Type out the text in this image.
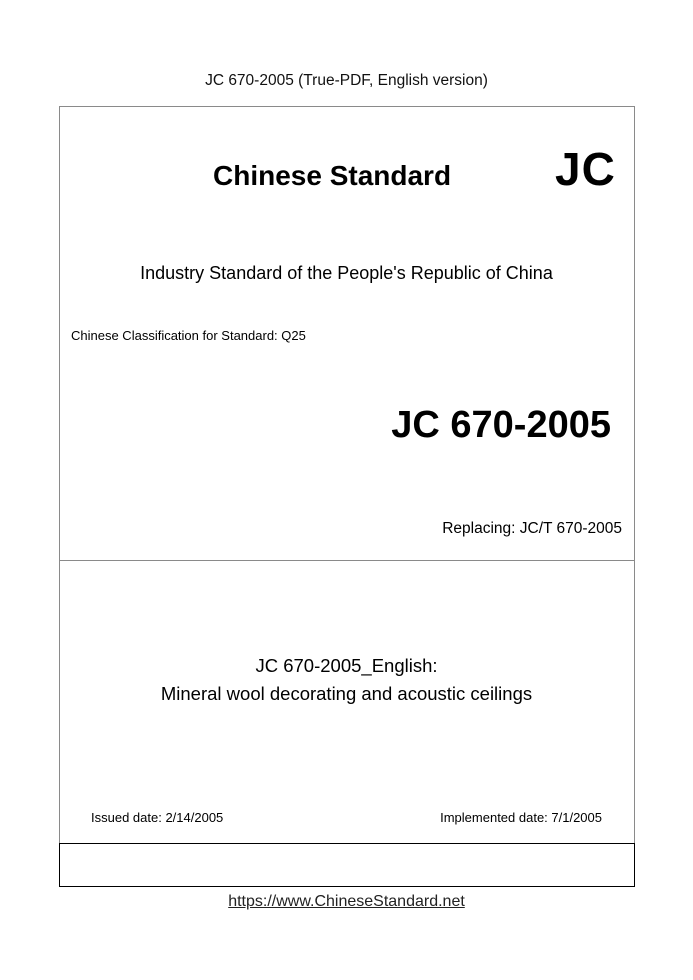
JC 670-2005 (True-PDF, English version)
Chinese Standard JC
Industry Standard of the People's Republic of China
Chinese Classification for Standard: Q25
JC 670-2005
Replacing: JC/T 670-2005
JC 670-2005_English:
Mineral wool decorating and acoustic ceilings
Issued date: 2/14/2005	Implemented date: 7/1/2005
https://www.ChineseStandard.net
